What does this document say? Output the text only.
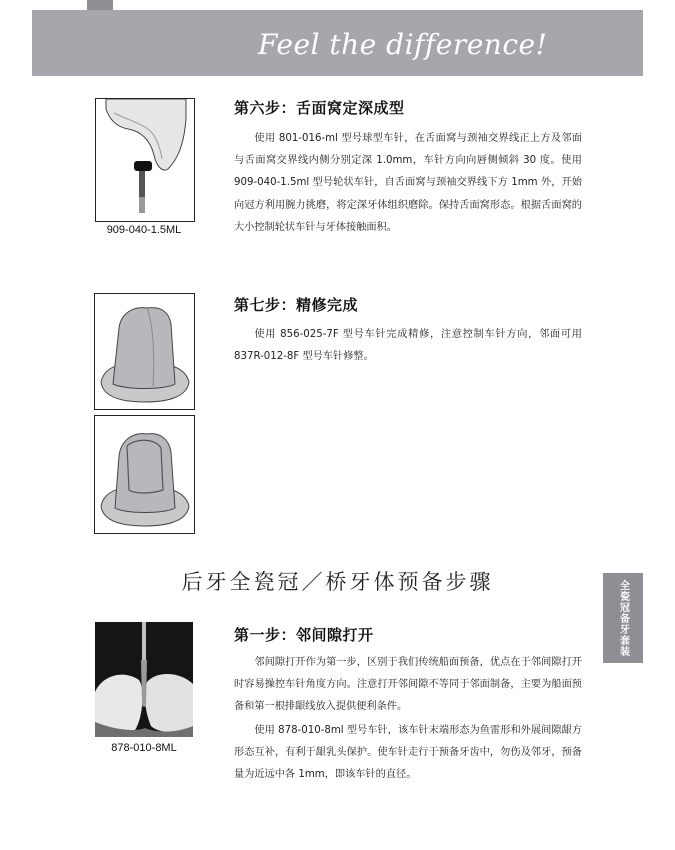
Feel the difference!
909-040-1.5ML
第六步：舌面窝定深成型
使用 801-016-ml 型号球型车针，在舌面窝与颈袖交界线正上方及邻面与舌面窝交界线内侧分别定深 1.0mm，车针方向向唇侧倾斜 30 度。使用 909-040-1.5ml 型号轮状车针，自舌面窝与颈袖交界线下方 1mm 外，开始向冠方利用腕力挑磨，将定深牙体组织磨除。保持舌面窝形态。根据舌面窝的大小控制轮状车针与牙体接触面积。
第七步：精修完成
使用 856-025-7F 型号车针完成精修，注意控制车针方向，邻面可用 837R-012-8F 型号车针修整。
后牙全瓷冠／桥牙体预备步骤	全瓷冠备牙套装
878-010-8ML
第一步：邻间隙打开
邻间隙打开作为第一步，区别于我们传统船面预备，优点在于邻间隙打开时容易操控车针角度方向。注意打开邻间隙不等同于邻面制备，主要为船面预备和第一根排龈线放入提供便利条件。
使用 878-010-8ml 型号车针，该车针末端形态为鱼雷形和外展间隙龈方形态互补，有利于龈乳头保护。使车针走行于预备牙齿中，勿伤及邻牙，预备量为近远中各 1mm，即该车针的直径。
